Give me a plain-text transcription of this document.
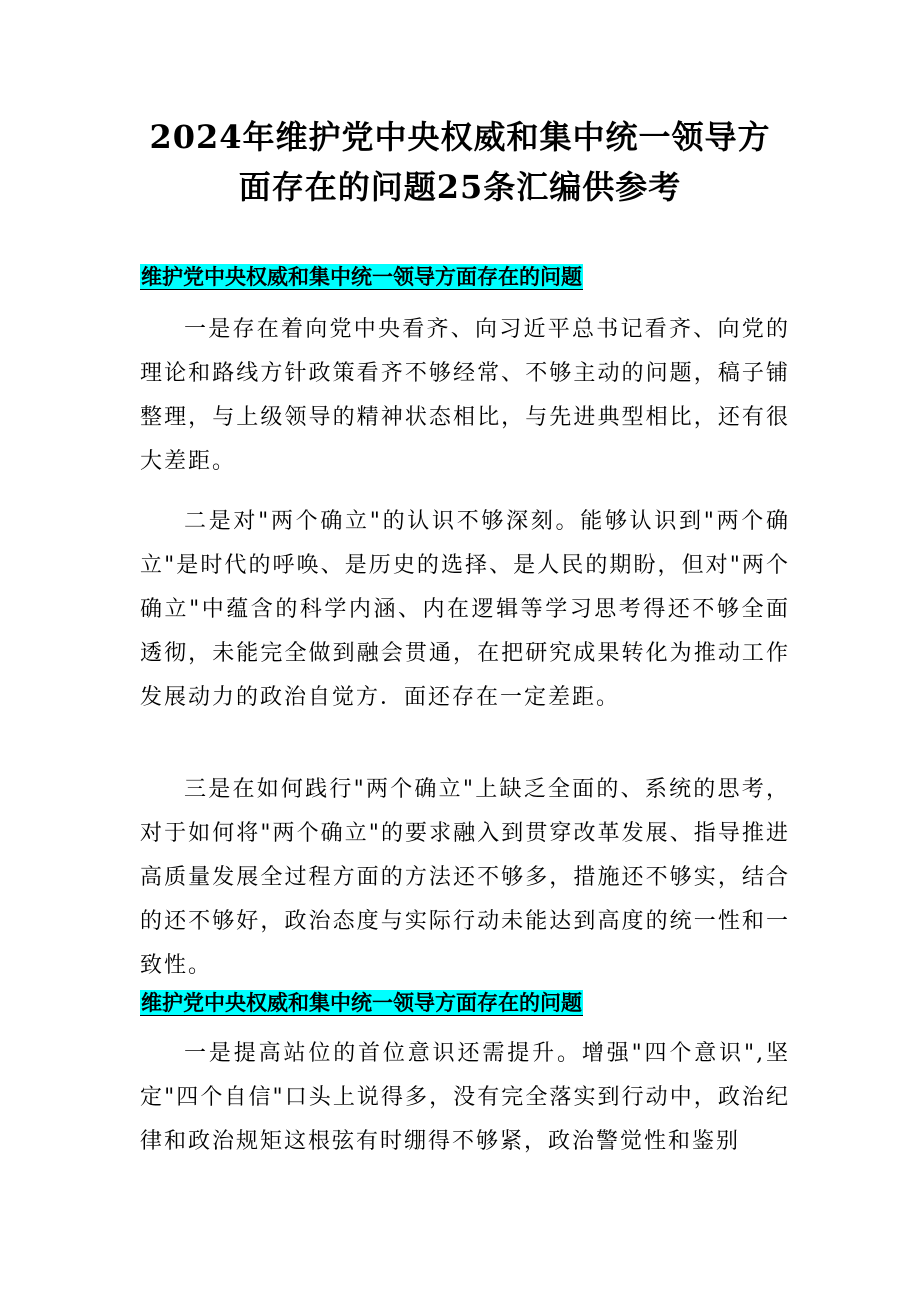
2024年维护党中央权威和集中统一领导方
面存在的问题25条汇编供参考
维护党中央权威和集中统一领导方面存在的问题

一是存在着向党中央看齐、向习近平总书记看齐、向党的理论和路线方针政策看齐不够经常、不够主动的问题，稿子铺整理，与上级领导的精神状态相比，与先进典型相比，还有很大差距。

二是对"两个确立"的认识不够深刻。能够认识到"两个确立"是时代的呼唤、是历史的选择、是人民的期盼，但对"两个确立"中蕴含的科学内涵、内在逻辑等学习思考得还不够全面透彻，未能完全做到融会贯通，在把研究成果转化为推动工作发展动力的政治自觉方．面还存在一定差距。

三是在如何践行"两个确立"上缺乏全面的、系统的思考，对于如何将"两个确立"的要求融入到贯穿改革发展、指导推进高质量发展全过程方面的方法还不够多，措施还不够实，结合的还不够好，政治态度与实际行动未能达到高度的统一性和一致性。

维护党中央权威和集中统一领导方面存在的问题

一是提高站位的首位意识还需提升。增强"四个意识",坚定"四个自信"口头上说得多，没有完全落实到行动中，政治纪律和政治规矩这根弦有时绷得不够紧，政治警觉性和鉴别
